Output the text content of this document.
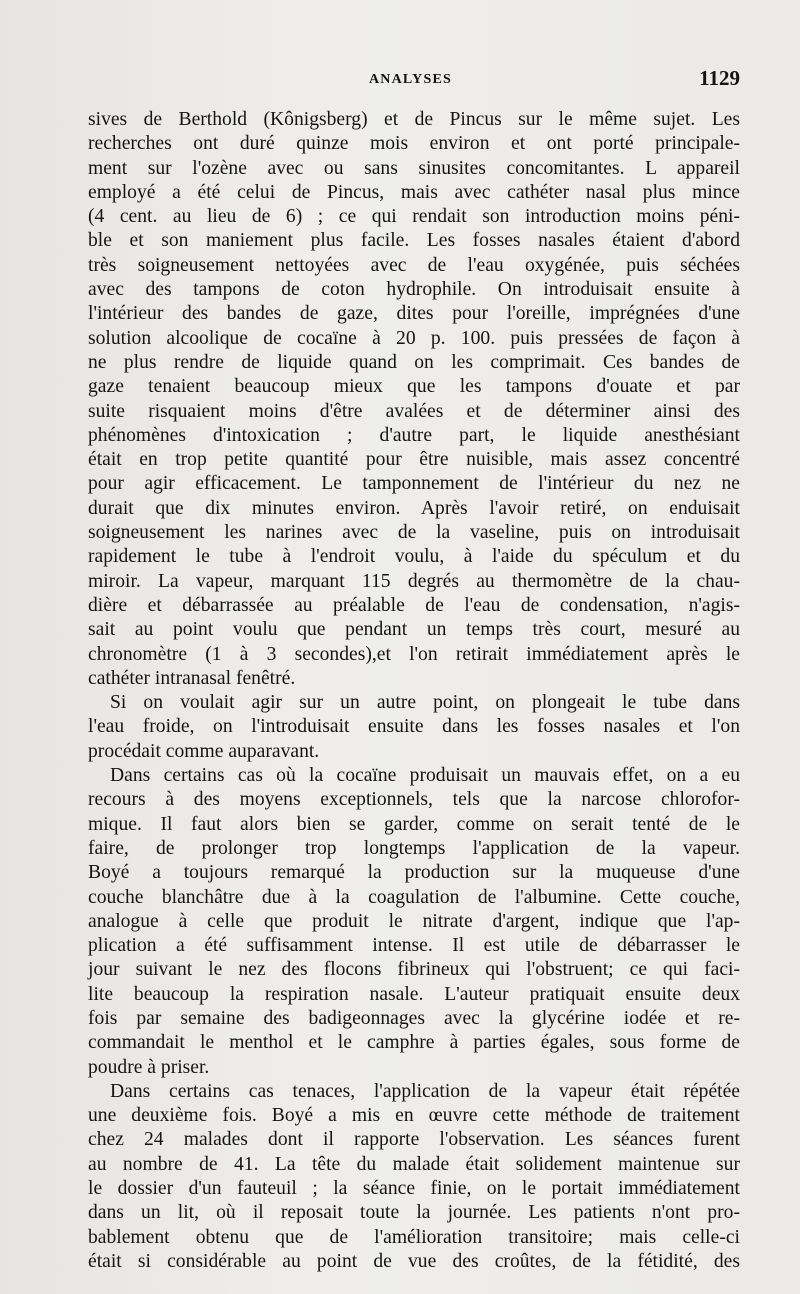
ANALYSES	1129
sives de Berthold (Kônigsberg) et de Pincus sur le même sujet. Les
recherches ont duré quinze mois environ et ont porté principale-
ment sur l'ozène avec ou sans sinusites concomitantes. L appareil
employé a été celui de Pincus, mais avec cathéter nasal plus mince
(4 cent. au lieu de 6) ; ce qui rendait son introduction moins péni-
ble et son maniement plus facile. Les fosses nasales étaient d'abord
très soigneusement nettoyées avec de l'eau oxygénée, puis séchées
avec des tampons de coton hydrophile. On introduisait ensuite à
l'intérieur des bandes de gaze, dites pour l'oreille, imprégnées d'une
solution alcoolique de cocaïne à 20 p. 100. puis pressées de façon à
ne plus rendre de liquide quand on les comprimait. Ces bandes de
gaze tenaient beaucoup mieux que les tampons d'ouate et par
suite risquaient moins d'être avalées et de déterminer ainsi des
phénomènes d'intoxication ; d'autre part, le liquide anesthésiant
était en trop petite quantité pour être nuisible, mais assez concentré
pour agir efficacement. Le tamponnement de l'intérieur du nez ne
durait que dix minutes environ. Après l'avoir retiré, on enduisait
soigneusement les narines avec de la vaseline, puis on introduisait
rapidement le tube à l'endroit voulu, à l'aide du spéculum et du
miroir. La vapeur, marquant 115 degrés au thermomètre de la chau-
dière et débarrassée au préalable de l'eau de condensation, n'agis-
sait au point voulu que pendant un temps très court, mesuré au
chronomètre (1 à 3 secondes),et l'on retirait immédiatement après le
cathéter intranasal fenêtré.
Si on voulait agir sur un autre point, on plongeait le tube dans
l'eau froide, on l'introduisait ensuite dans les fosses nasales et l'on
procédait comme auparavant.
Dans certains cas où la cocaïne produisait un mauvais effet, on a eu
recours à des moyens exceptionnels, tels que la narcose chlorofor-
mique. Il faut alors bien se garder, comme on serait tenté de le
faire, de prolonger trop longtemps l'application de la vapeur.
Boyé a toujours remarqué la production sur la muqueuse d'une
couche blanchâtre due à la coagulation de l'albumine. Cette couche,
analogue à celle que produit le nitrate d'argent, indique que l'ap-
plication a été suffisamment intense. Il est utile de débarrasser le
jour suivant le nez des flocons fibrineux qui l'obstruent; ce qui faci-
lite beaucoup la respiration nasale. L'auteur pratiquait ensuite deux
fois par semaine des badigeonnages avec la glycérine iodée et re-
commandait le menthol et le camphre à parties égales, sous forme de
poudre à priser.
Dans certains cas tenaces, l'application de la vapeur était répétée
une deuxième fois. Boyé a mis en œuvre cette méthode de traitement
chez 24 malades dont il rapporte l'observation. Les séances furent
au nombre de 41. La tête du malade était solidement maintenue sur
le dossier d'un fauteuil ; la séance finie, on le portait immédiatement
dans un lit, où il reposait toute la journée. Les patients n'ont pro-
bablement obtenu que de l'amélioration transitoire; mais celle-ci
était si considérable au point de vue des croûtes, de la fétidité, des
